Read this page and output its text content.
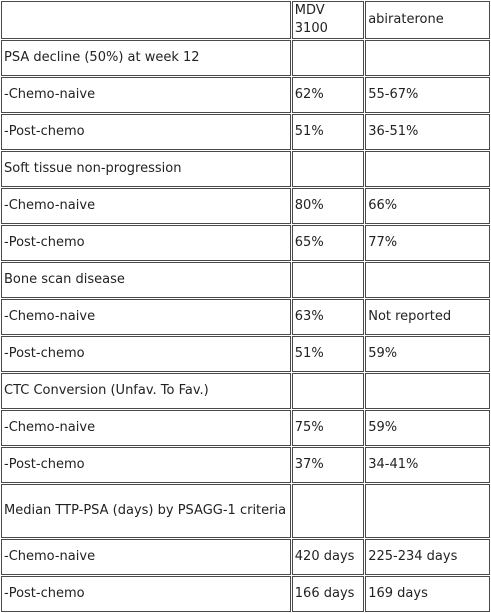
	MDV 3100	abiraterone
PSA decline (50%) at week 12		
-Chemo-naive	62%	55-67%
-Post-chemo	51%	36-51%
Soft tissue non-progression		
-Chemo-naive	80%	66%
-Post-chemo	65%	77%
Bone scan disease		
-Chemo-naive	63%	Not reported
-Post-chemo	51%	59%
CTC Conversion (Unfav. To Fav.)		
-Chemo-naive	75%	59%
-Post-chemo	37%	34-41%
Median TTP-PSA (days) by PSAGG-1 criteria		
-Chemo-naive	420 days	225-234 days
-Post-chemo	166 days	169 days
